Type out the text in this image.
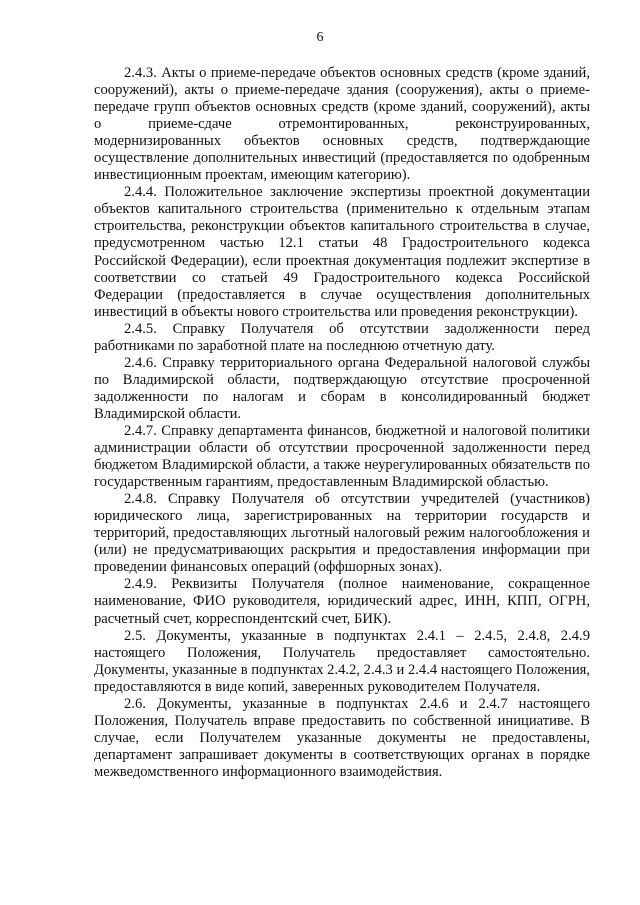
6

2.4.3. Акты о приеме-передаче объектов основных средств (кроме зданий, сооружений), акты о приеме-передаче здания (сооружения), акты о приеме-передаче групп объектов основных средств (кроме зданий, сооружений), акты о приеме-сдаче отремонтированных, реконструированных, модернизированных объектов основных средств, подтверждающие осуществление дополнительных инвестиций (предоставляется по одобренным инвестиционным проектам, имеющим категорию).

2.4.4. Положительное заключение экспертизы проектной документации объектов капитального строительства (применительно к отдельным этапам строительства, реконструкции объектов капитального строительства в случае, предусмотренном частью 12.1 статьи 48 Градостроительного кодекса Российской Федерации), если проектная документация подлежит экспертизе в соответствии со статьей 49 Градостроительного кодекса Российской Федерации (предоставляется в случае осуществления дополнительных инвестиций в объекты нового строительства или проведения реконструкции).

2.4.5. Справку Получателя об отсутствии задолженности перед работниками по заработной плате на последнюю отчетную дату.

2.4.6. Справку территориального органа Федеральной налоговой службы по Владимирской области, подтверждающую отсутствие просроченной задолженности по налогам и сборам в консолидированный бюджет Владимирской области.

2.4.7. Справку департамента финансов, бюджетной и налоговой политики администрации области об отсутствии просроченной задолженности перед бюджетом Владимирской области, а также неурегулированных обязательств по государственным гарантиям, предоставленным Владимирской областью.

2.4.8. Справку Получателя об отсутствии учредителей (участников) юридического лица, зарегистрированных на территории государств и территорий, предоставляющих льготный налоговый режим налогообложения и (или) не предусматривающих раскрытия и предоставления информации при проведении финансовых операций (оффшорных зонах).

2.4.9. Реквизиты Получателя (полное наименование, сокращенное наименование, ФИО руководителя, юридический адрес, ИНН, КПП, ОГРН, расчетный счет, корреспондентский счет, БИК).

2.5. Документы, указанные в подпунктах 2.4.1 – 2.4.5, 2.4.8, 2.4.9 настоящего Положения, Получатель предоставляет самостоятельно. Документы, указанные в подпунктах 2.4.2, 2.4.3 и 2.4.4 настоящего Положения, предоставляются в виде копий, заверенных руководителем Получателя.

2.6. Документы, указанные в подпунктах 2.4.6 и 2.4.7 настоящего Положения, Получатель вправе предоставить по собственной инициативе. В случае, если Получателем указанные документы не предоставлены, департамент запрашивает документы в соответствующих органах в порядке межведомственного информационного взаимодействия.
